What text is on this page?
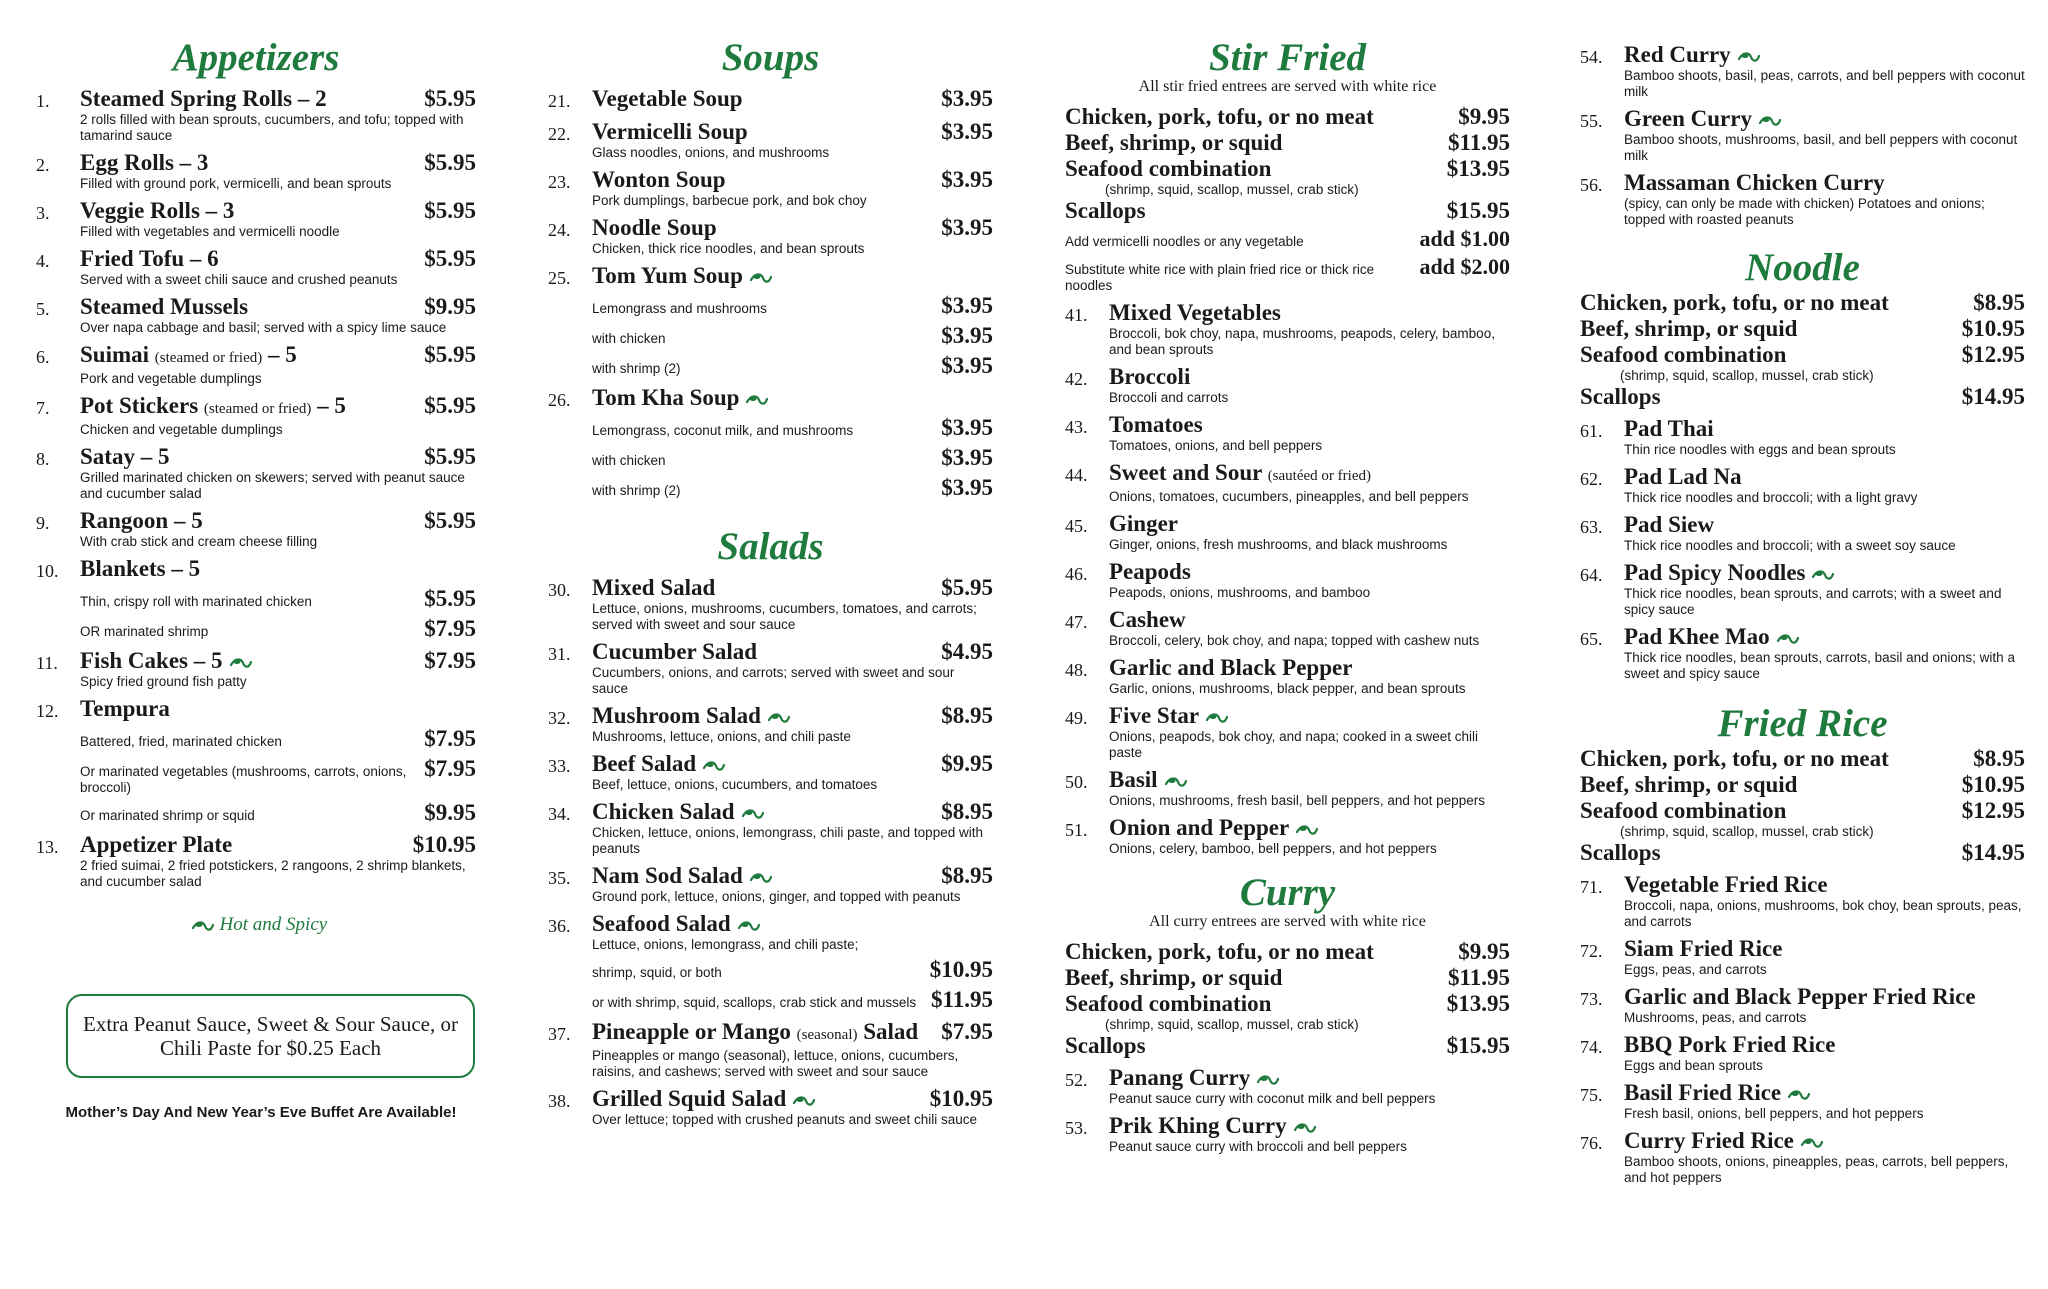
Appetizers
1.	Steamed Spring Rolls – 2	$5.95
2 rolls filled with bean sprouts, cucumbers, and tofu; topped with tamarind sauce
2.	Egg Rolls – 3	$5.95
Filled with ground pork, vermicelli, and bean sprouts
3.	Veggie Rolls – 3	$5.95
Filled with vegetables and vermicelli noodle
4.	Fried Tofu – 6	$5.95
Served with a sweet chili sauce and crushed peanuts
5.	Steamed Mussels	$9.95
Over napa cabbage and basil; served with a spicy lime sauce
6.	Suimai (steamed or fried) – 5	$5.95
Pork and vegetable dumplings
7.	Pot Stickers (steamed or fried) – 5	$5.95
Chicken and vegetable dumplings
8.	Satay – 5	$5.95
Grilled marinated chicken on skewers; served with peanut sauce and cucumber salad
9.	Rangoon – 5	$5.95
With crab stick and cream cheese filling
10. Blankets – 5
Thin, crispy roll with marinated chicken	$5.95
OR marinated shrimp	$7.95
11. Fish Cakes – 5	$7.95
Spicy fried ground fish patty
12. Tempura
Battered, fried, marinated chicken	$7.95
Or marinated vegetables (mushrooms, carrots, onions, broccoli)
$7.95
Or marinated shrimp or squid	$9.95
13. Appetizer Plate	$10.95
2 fried suimai, 2 fried potstickers, 2 rangoons, 2 shrimp blankets, and cucumber salad
Hot and Spicy
Extra Peanut Sauce, Sweet & Sour Sauce, or Chili Paste for $0.25 Each
Mother’s Day And New Year’s Eve Buffet Are Available!
Soups
21. Vegetable Soup	$3.95
22. Vermicelli Soup	$3.95
Glass noodles, onions, and mushrooms
23. Wonton Soup	$3.95
Pork dumplings, barbecue pork, and bok choy
24. Noodle Soup	$3.95
Chicken, thick rice noodles, and bean sprouts
25. Tom Yum Soup
Lemongrass and mushrooms	$3.95
with chicken	$3.95
with shrimp (2)	$3.95
26. Tom Kha Soup
Lemongrass, coconut milk, and mushrooms	$3.95
with chicken	$3.95
with shrimp (2)	$3.95
Salads
30. Mixed Salad	$5.95
Lettuce, onions, mushrooms, cucumbers, tomatoes, and carrots; served with sweet and sour sauce
31. Cucumber Salad	$4.95
Cucumbers, onions, and carrots; served with sweet and sour sauce
32. Mushroom Salad	$8.95
Mushrooms, lettuce, onions, and chili paste
33. Beef Salad	$9.95
Beef, lettuce, onions, cucumbers, and tomatoes
34. Chicken Salad	$8.95
Chicken, lettuce, onions, lemongrass, chili paste, and topped with peanuts
35. Nam Sod Salad	$8.95
Ground pork, lettuce, onions, ginger, and topped with peanuts
36. Seafood Salad
Lettuce, onions, lemongrass, and chili paste;
shrimp, squid, or both	$10.95
or with shrimp, squid, scallops, crab stick and mussels $11.95
37. Pineapple or Mango (seasonal) Salad $7.95
Pineapples or mango (seasonal), lettuce, onions, cucumbers, raisins, and cashews; served with sweet and sour sauce
38. Grilled Squid Salad	$10.95
Over lettuce; topped with crushed peanuts and sweet chili sauce
Stir Fried
All stir fried entrees are served with white rice
Chicken, pork, tofu, or no meat	$9.95
Beef, shrimp, or squid	$11.95
Seafood combination	$13.95
(shrimp, squid, scallop, mussel, crab stick)
Scallops	$15.95
Add vermicelli noodles or any vegetable	add $1.00
Substitute white rice with plain fried rice or thick rice noodles
add $2.00
41. Mixed Vegetables
Broccoli, bok choy, napa, mushrooms, peapods, celery, bamboo, and bean sprouts
42. Broccoli
Broccoli and carrots
43. Tomatoes
Tomatoes, onions, and bell peppers
44. Sweet and Sour (sautéed or fried)
Onions, tomatoes, cucumbers, pineapples, and bell peppers
45. Ginger
Ginger, onions, fresh mushrooms, and black mushrooms
46. Peapods
Peapods, onions, mushrooms, and bamboo
47. Cashew
Broccoli, celery, bok choy, and napa; topped with cashew nuts
48. Garlic and Black Pepper
Garlic, onions, mushrooms, black pepper, and bean sprouts
49. Five Star
Onions, peapods, bok choy, and napa; cooked in a sweet chili paste
50. Basil
Onions, mushrooms, fresh basil, bell peppers, and hot peppers
51. Onion and Pepper
Onions, celery, bamboo, bell peppers, and hot peppers
Curry
All curry entrees are served with white rice
Chicken, pork, tofu, or no meat	$9.95
Beef, shrimp, or squid	$11.95
Seafood combination	$13.95
(shrimp, squid, scallop, mussel, crab stick)
Scallops	$15.95
52. Panang Curry
Peanut sauce curry with coconut milk and bell peppers
53. Prik Khing Curry
Peanut sauce curry with broccoli and bell peppers
54. Red Curry
Bamboo shoots, basil, peas, carrots, and bell peppers with coconut milk
55. Green Curry
Bamboo shoots, mushrooms, basil, and bell peppers with coconut milk
56. Massaman Chicken Curry
(spicy, can only be made with chicken) Potatoes and onions; topped with roasted peanuts
Noodle
Chicken, pork, tofu, or no meat	$8.95
Beef, shrimp, or squid	$10.95
Seafood combination	$12.95
(shrimp, squid, scallop, mussel, crab stick)
Scallops	$14.95
61. Pad Thai
Thin rice noodles with eggs and bean sprouts
62. Pad Lad Na
Thick rice noodles and broccoli; with a light gravy
63. Pad Siew
Thick rice noodles and broccoli; with a sweet soy sauce
64. Pad Spicy Noodles
Thick rice noodles, bean sprouts, and carrots; with a sweet and spicy sauce
65. Pad Khee Mao
Thick rice noodles, bean sprouts, carrots, basil and onions; with a sweet and spicy sauce
Fried Rice
Chicken, pork, tofu, or no meat	$8.95
Beef, shrimp, or squid	$10.95
Seafood combination	$12.95
(shrimp, squid, scallop, mussel, crab stick)
Scallops	$14.95
71. Vegetable Fried Rice
Broccoli, napa, onions, mushrooms, bok choy, bean sprouts, peas, and carrots
72. Siam Fried Rice
Eggs, peas, and carrots
73. Garlic and Black Pepper Fried Rice
Mushrooms, peas, and carrots
74. BBQ Pork Fried Rice
Eggs and bean sprouts
75. Basil Fried Rice
Fresh basil, onions, bell peppers, and hot peppers
76. Curry Fried Rice
Bamboo shoots, onions, pineapples, peas, carrots, bell peppers, and hot peppers
